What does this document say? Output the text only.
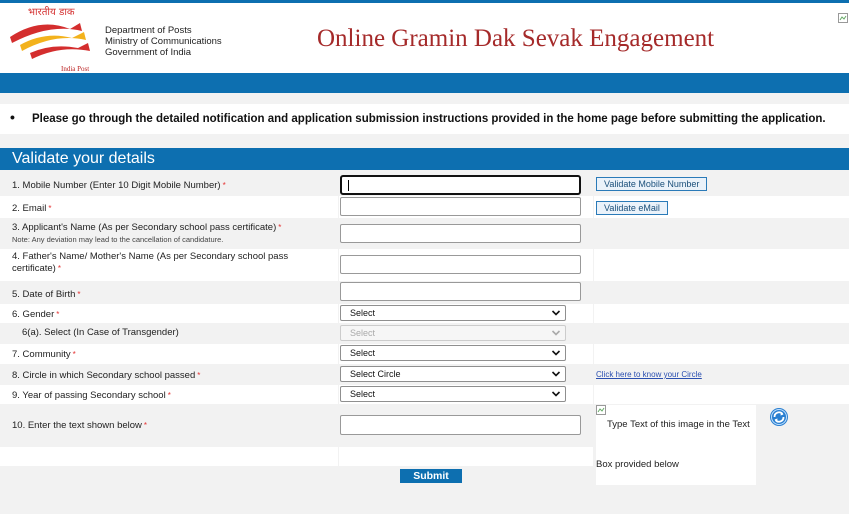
भारतीय डाक
India Post
Department of Posts
Ministry of Communications
Government of India
Online Gramin Dak Sevak Engagement
• Please go through the detailed notification and application submission instructions provided in the home page before submitting the application.
Validate your details
1. Mobile Number (Enter 10 Digit Mobile Number) *	Validate Mobile Number
2. Email *	Validate eMail
3. Applicant's Name (As per Secondary school pass certificate) *
Note: Any deviation may lead to the cancellation of candidature.
4. Father's Name/ Mother's Name (As per Secondary school pass
certificate) *
5. Date of Birth *
6. Gender *	Select
6(a). Select (In Case of Transgender)	Select
7. Community *	Select
8. Circle in which Secondary school passed *	Select Circle	Click here to know your Circle
9. Year of passing Secondary school *	Select
10. Enter the text shown below *	Type Text of this image in the Text
Box provided below
Submit
